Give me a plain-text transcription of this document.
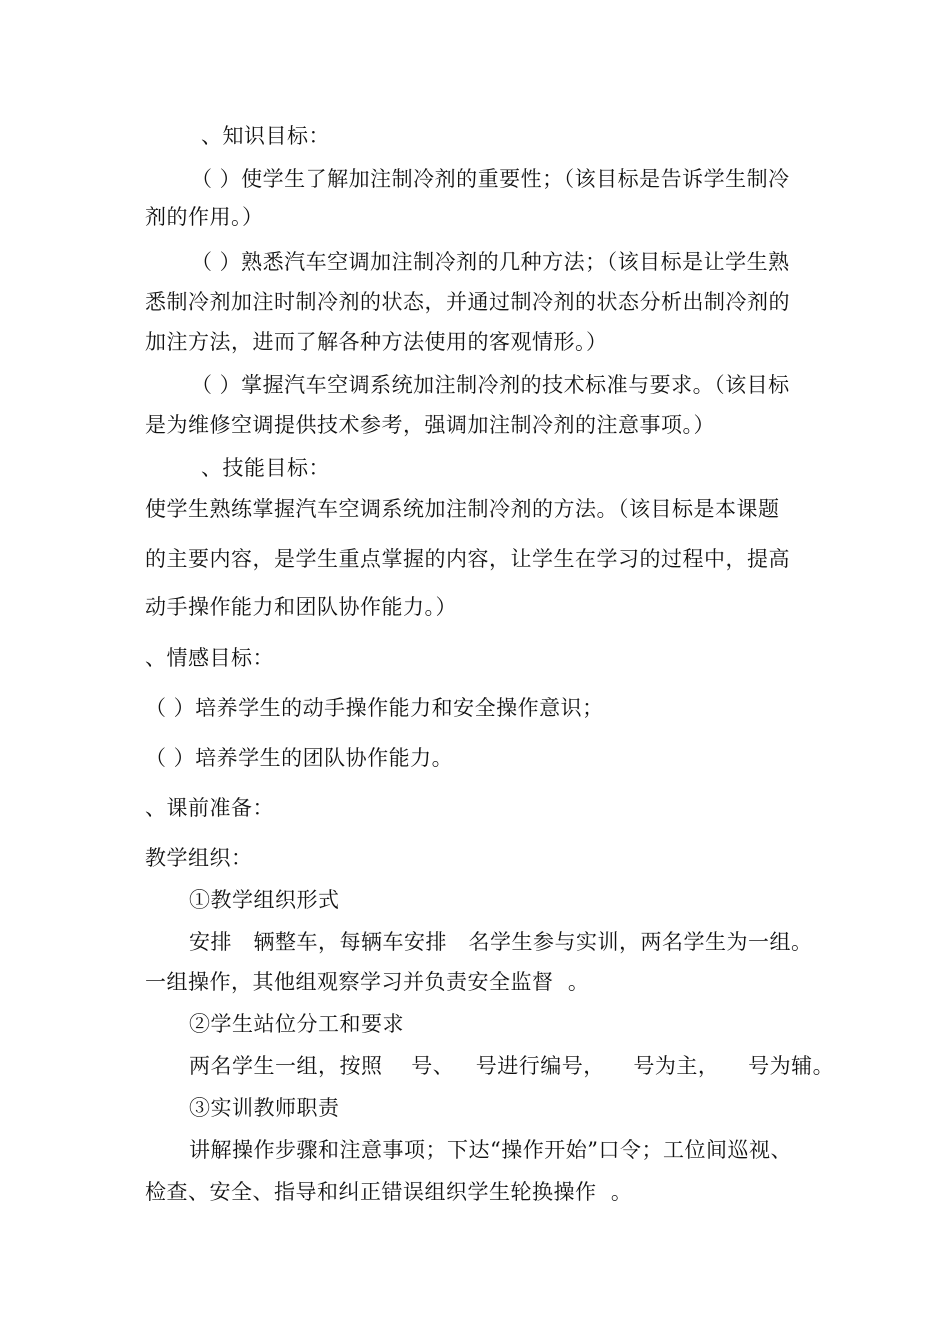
、知识目标：

（ ）使学生了解加注制冷剂的重要性；（该目标是告诉学生制冷

剂的作用。）

（ ）熟悉汽车空调加注制冷剂的几种方法；（该目标是让学生熟

悉制冷剂加注时制冷剂的状态，并通过制冷剂的状态分析出制冷剂的

加注方法，进而了解各种方法使用的客观情形。）

（ ）掌握汽车空调系统加注制冷剂的技术标准与要求。（该目标

是为维修空调提供技术参考，强调加注制冷剂的注意事项。）

、技能目标：

使学生熟练掌握汽车空调系统加注制冷剂的方法。（该目标是本课题

的主要内容，是学生重点掌握的内容，让学生在学习的过程中，提高

动手操作能力和团队协作能力。）

、情感目标：

（ ）培养学生的动手操作能力和安全操作意识；

（ ）培养学生的团队协作能力。

、课前准备：

教学组织：

①教学组织形式

安排   辆整车，每辆车安排   名学生参与实训，两名学生为一组。

一组操作，其他组观察学习并负责安全监督  。

②学生站位分工和要求

两名学生一组，按照    号、   号进行编号，    号为主，    号为辅。

③实训教师职责

讲解操作步骤和注意事项；下达“操作开始”口令；工位间巡视、

检查、安全、指导和纠正错误组织学生轮换操作  。
